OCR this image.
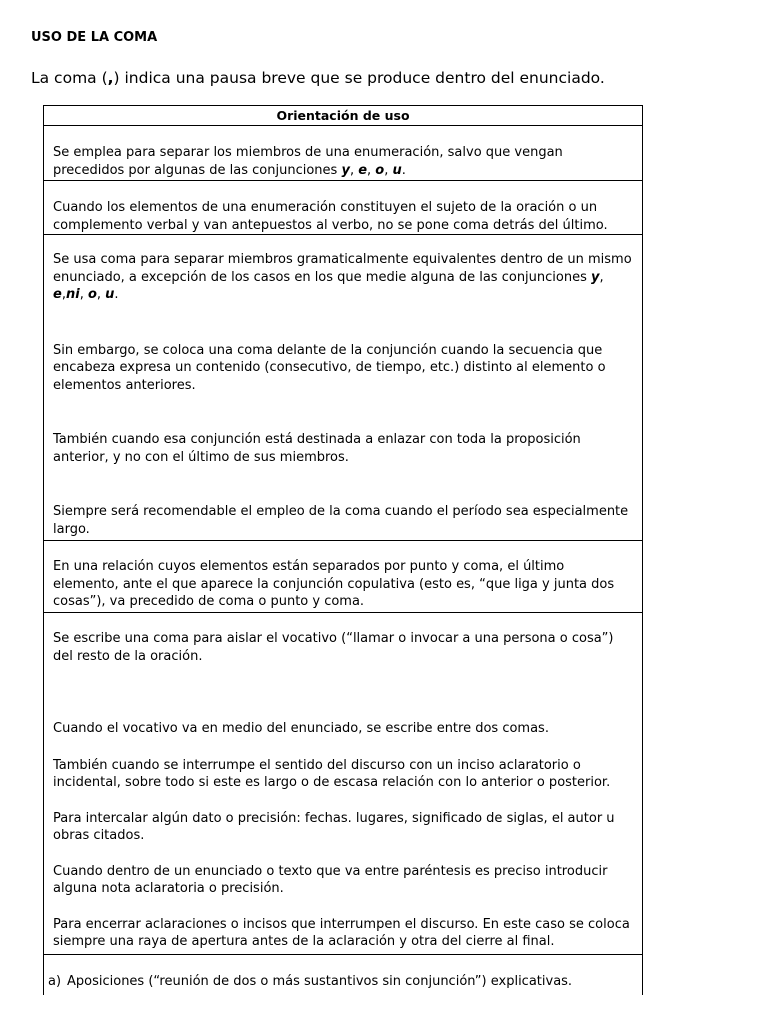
USO DE LA COMA
La coma (,) indica una pausa breve que se produce dentro del enunciado.
Orientación de uso

Se emplea para separar los miembros de una enumeración, salvo que vengan precedidos por algunas de las conjunciones y, e, o, u.

Cuando los elementos de una enumeración constituyen el sujeto de la oración o un complemento verbal y van antepuestos al verbo, no se pone coma detrás del último.

Se usa coma para separar miembros gramaticalmente equivalentes dentro de un mismo enunciado, a excepción de los casos en los que medie alguna de las conjunciones y, e,ni, o, u.

Sin embargo, se coloca una coma delante de la conjunción cuando la secuencia que encabeza expresa un contenido (consecutivo, de tiempo, etc.) distinto al elemento o elementos anteriores.

También cuando esa conjunción está destinada a enlazar con toda la proposición anterior, y no con el último de sus miembros.

Siempre será recomendable el empleo de la coma cuando el período sea especialmente largo.

En una relación cuyos elementos están separados por punto y coma, el último elemento, ante el que aparece la conjunción copulativa (esto es, “que liga y junta dos cosas”), va precedido de coma o punto y coma.

Se escribe una coma para aislar el vocativo (“llamar o invocar a una persona o cosa”) del resto de la oración.

Cuando el vocativo va en medio del enunciado, se escribe entre dos comas.

También cuando se interrumpe el sentido del discurso con un inciso aclaratorio o incidental, sobre todo si este es largo o de escasa relación con lo anterior o posterior.

Para intercalar algún dato o precisión: fechas. lugares, significado de siglas, el autor u obras citados.

Cuando dentro de un enunciado o texto que va entre paréntesis es preciso introducir alguna nota aclaratoria o precisión.

Para encerrar aclaraciones o incisos que interrumpen el discurso. En este caso se coloca siempre una raya de apertura antes de la aclaración y otra del cierre al final.

a) Aposiciones (“reunión de dos o más sustantivos sin conjunción”) explicativas.
